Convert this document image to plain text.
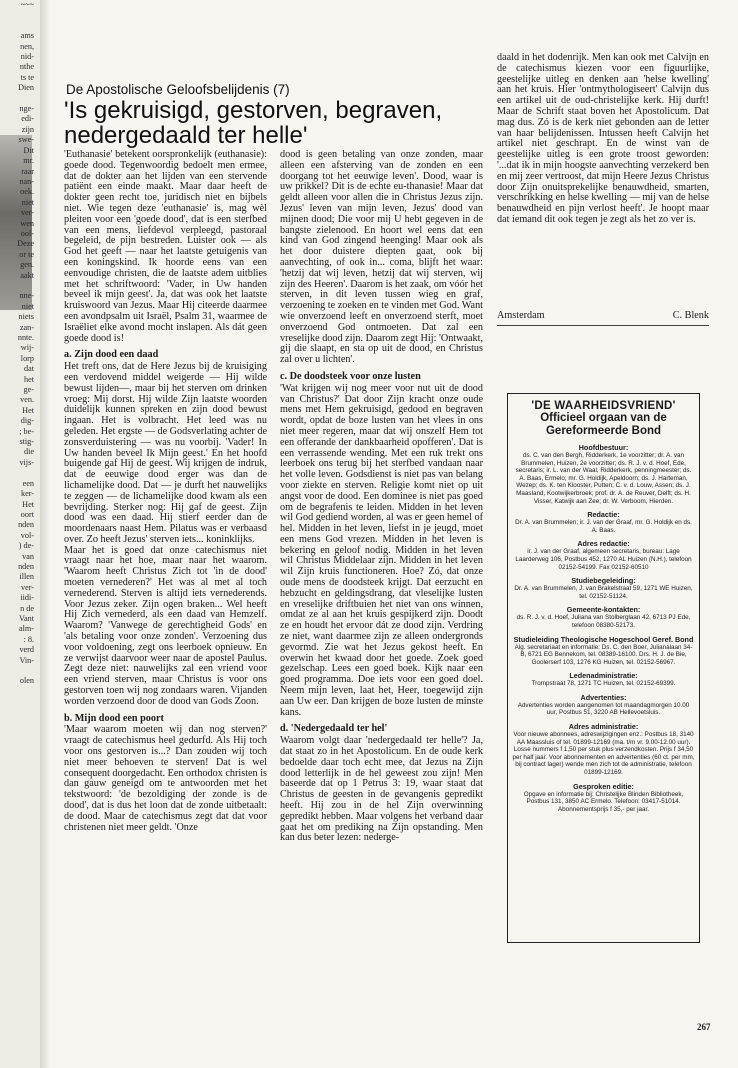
~~~

ams
nen,
nid-
nthe
ts te
Dien

nge-
edi-
zijn
swe-
Dit
mr.
raar
nan-
oek.
niet
ver-
wen
ool-
Deze
or te
gen.
aakt

nne-
niet
niets
zan-
nnte.
wij-
lorp
dat
het
ge-
ven.
Het
dig-
; be-
stig-
die
vijs-

een
ker-
Het
oort
nden
vol-
) de-
van
nden
illen
ver-
iidi-
n de
Vant
alm-
: 8.
verd
Vin-

olen
De Apostolische Geloofsbelijdenis (7)
'Is gekruisigd, gestorven, begraven, nedergedaald ter helle'

'Euthanasie' betekent oorspronkelijk (euthanasie): goede dood. Tegenwoordig bedoelt men ermee, dat de dokter aan het lijden van een stervende patiënt een einde maakt. Maar daar heeft de dokter geen recht toe, juridisch niet en bijbels niet. Wie tegen deze 'euthanasie' is, mag wèl pleiten voor een 'goede dood', dat is een sterfbed van een mens, liefdevol verpleegd, pastoraal begeleid, de pijn bestreden. Luister ook — als God het geeft — naar het laatste getuigenis van een koningskind. Ik hoorde eens van een eenvoudige christen, die de laatste adem uitblies met het schriftwoord: 'Vader, in Uw handen beveel ik mijn geest'. Ja, dat was ook het laatste kruiswoord van Jezus. Maar Hij citeerde daarmee een avondpsalm uit Israël, Psalm 31, waarmee de Israëliet elke avond mocht inslapen. Als dát geen goede dood is!

a. Zijn dood een daad

Het treft ons, dat de Here Jezus bij de kruisiging een verdovend middel weigerde — Hij wilde bewust lijden—, maar bij het sterven om drinken vroeg: Mij dorst. Hij wilde Zijn laatste woorden duidelijk kunnen spreken en zijn dood bewust ingaan. Het is volbracht. Het leed was nu geleden. Het ergste — de Godsverlating achter de zonsverduistering — was nu voorbij. 'Vader! In Uw handen beveel Ik Mijn geest.' En het hoofd buigende gaf Hij de geest. Wij krijgen de indruk, dat de eeuwige dood erger was dan de lichamelijke dood. Dat — je durft het nauwelijks te zeggen — de lichamelijke dood kwam als een bevrijding. Sterker nog: Hij gaf de geest. Zijn dood was een daad. Hij stierf eerder dan de moordenaars naast Hem. Pilatus was er verbaasd over. Zo heeft Jezus' sterven iets... koninklijks.

Maar het is goed dat onze catechismus niet vraagt naar het hoe, maar naar het waarom. 'Waarom heeft Christus Zich tot 'in de dood' moeten vernederen?' Het was al met al toch vernederend. Sterven is altijd iets vernederends. Voor Jezus zeker. Zijn ogen braken... Wel heeft Hij Zich vernederd, als een daad van Hemzelf. Waarom? 'Vanwege de gerechtigheid Gods' en 'als betaling voor onze zonden'. Verzoening dus voor voldoening, zegt ons leerboek opnieuw. En ze verwijst daarvoor weer naar de apostel Paulus. Zegt deze niet: nauwelijks zal een vriend voor een vriend sterven, maar Christus is voor ons gestorven toen wij nog zondaars waren. Vijanden worden verzoend door de dood van Gods Zoon.

b. Mijn dood een poort

'Maar waarom moeten wij dan nog sterven?' vraagt de catechismus heel gedurfd. Als Hij toch voor ons gestorven is...? Dan zouden wij toch niet meer behoeven te sterven! Dat is wel consequent doorgedacht. Een orthodox christen is dan gauw geneigd om te antwoorden met het tekstwoord: 'de bezoldiging der zonde is de dood', dat is dus het loon dat de zonde uitbetaalt: de dood. Maar de catechismus zegt dat dat voor christenen niet meer geldt. 'Onze

dood is geen betaling van onze zonden, maar alleen een afsterving van de zonden en een doorgang tot het eeuwige leven'. Dood, waar is uw prikkel? Dit is de echte eu-thanasie! Maar dat geldt alleen voor allen die in Christus Jezus zijn. Jezus' leven van mijn leven, Jezus' dood van mijnen dood; Die voor mij U hebt gegeven in de bangste zielenood. En hoort wel eens dat een kind van God zingend heenging! Maar ook als het door duistere diepten gaat, ook bij aanvechting, of ook in... coma, blijft het waar: 'hetzij dat wij leven, hetzij dat wij sterven, wij zijn des Heeren'. Daarom is het zaak, om vóór het sterven, in dit leven tussen wieg en graf, verzoening te zoeken en te vinden met God. Want wie onverzoend leeft en onverzoend sterft, moet onverzoend God ontmoeten. Dat zal een vreselijke dood zijn. Daarom zegt Hij: 'Ontwaakt, gij die slaapt, en sta op uit de dood, en Christus zal over u lichten'.

c. De doodsteek voor onze lusten

'Wat krijgen wij nog meer voor nut uit de dood van Christus?' Dat door Zijn kracht onze oude mens met Hem gekruisigd, gedood en begraven wordt, opdat de boze lusten van het vlees in ons niet meer regeren, maar dat wij onszelf Hem tot een offerande der dankbaarheid opofferen'. Dat is een verrassende wending. Met een ruk trekt ons leerboek ons terug bij het sterfbed vandaan naar het volle leven. Godsdienst is niet pas van belang voor ziekte en sterven. Religie komt niet op uit angst voor de dood. Een dominee is niet pas goed om de begrafenis te leiden. Midden in het leven wil God gediend worden, al was er geen hemel of hel. Midden in het leven, liefst in je jeugd, moet een mens God vrezen. Midden in het leven is bekering en geloof nodig. Midden in het leven wil Christus Middelaar zijn. Midden in het leven wil Zijn kruis functioneren. Hoe? Zó, dat onze oude mens de doodsteek krijgt. Dat eerzucht en hebzucht en geldingsdrang, dat vleselijke lusten en vreselijke driftbuien het niet van ons winnen, omdat ze al aan het kruis gespijkerd zijn. Doodt ze en houdt het ervoor dát ze dood zijn. Verdring ze niet, want daarmee zijn ze alleen ondergronds gevormd. Zie wat het Jezus gekost heeft. En overwin het kwaad door het goede. Zoek goed gezelschap. Lees een goed boek. Kijk naar een goed programma. Doe iets voor een goed doel. Neem mijn leven, laat het, Heer, toegewijd zijn aan Uw eer. Dan krijgen de boze lusten de minste kans.

d. 'Nedergedaald ter hel'

Waarom volgt daar 'nedergedaald ter helle'? Ja, dat staat zo in het Apostolicum. En de oude kerk bedoelde daar toch echt mee, dat Jezus na Zijn dood letterlijk in de hel geweest zou zijn! Men baseerde dat op 1 Petrus 3: 19, waar staat dat Christus de geesten in de gevangenis gepredikt heeft. Hij zou in de hel Zijn overwinning gepredikt hebben. Maar volgens het verband daar gaat het om prediking na Zijn opstanding. Men kan dus beter lezen: nederge-

daald in het dodenrijk. Men kan ook met Calvijn en de catechismus kiezen voor een figuurlijke, geestelijke uitleg en denken aan 'helse kwelling' aan het kruis. Hier 'ontmythologiseert' Calvijn dus een artikel uit de oud-christelijke kerk. Hij durft! Maar de Schrift staat boven het Apostolicum. Dat mag dus. Zó is de kerk niet gebonden aan de letter van haar belijdenissen. Intussen heeft Calvijn het artikel niet geschrapt. En de winst van de geestelijke uitleg is een grote troost geworden: '...dat ik in mijn hoogste aanvechting verzekerd ben en mij zeer vertroost, dat mijn Heere Jezus Christus door Zijn onuitsprekelijke benauwdheid, smarten, verschrikking en helse kwelling — mij van de helse benauwdheid en pijn verlost heeft'. Je hoopt maar dat iemand dit ook tegen je zegt als het zo ver is.

Amsterdam	C. Blenk
'DE WAARHEIDSVRIEND'
Officieel orgaan van de Gereformeerde Bond
Hoofdbestuur:
ds. C. van den Bergh, Ridderkerk, 1e voorzitter; dr. A. van Brummelen, Huizen, 2e voorzitter; ds. R. J. v. d. Hoef, Ede, secretaris; ir. L. van der Waal, Ridderkerk, penningmeester; ds. A. Baas, Ermelo; mr. G. Holdijk, Apeldoorn; ds. J. Harteman, Wezep; ds. K. ten Klooster, Putten; C. v. d. Louw, Assen; ds. J. Maasland, Kootwijkerbroek; prof. dr. A. de Reuver, Delft; ds. H. Visser, Katwijk aan Zee; dr. W. Verboom, Hierden.
Redactie:
Dr. A. van Brummelen; ir. J. van der Graaf, mr. G. Holdijk en ds. A. Baas.
Adres redactie:
ir. J. van der Graaf, algemeen secretaris, bureau: Lage Laarderweg 106, Postbus 452, 1270 AL Huizen (N.H.), telefoon 02152-54199. Fax 02152-60510
Studiebegeleiding:
Dr. A. van Brummelen, J. van Brakelstraat 59, 1271 WE Huizen, tel. 02152-51124.
Gemeente-kontakten:
ds. R. J. v. d. Hoef, Juliana van Stolberglaan 42, 6713 PJ Ede, telefoon 08380-52173.
Studieleiding Theologische Hogeschool Geref. Bond
Alg. secretariaat en informatie: Ds. C. den Boer, Julianalaan 34-B, 6721 EG Bennekom, tel. 08389-16100. Drs. H. J. de Bie, Goolerserf 103, 1276 KG Huizen, tel. 02152-56967.
Ledenadministratie:
Trompstraat 78, 1271 TC Huizen, tel. 02152-69399.
Advertenties:
Advertenties worden aangenomen tot maandagmorgen 10.00 uur, Postbus 51, 3220 AB Hellevoetsluis.
Adres administratie:
Voor nieuwe abonnees, adreswijzigingen enz.: Postbus 18, 3140 AA Maassluis of tel. 01899-12169 (ma. t/m vr. 9.00-12.00 uur). Losse nummers f 1,50 per stuk plus verzendkosten. Prijs f 34,50 per half jaar. Voor abonnementen en advertenties (60 ct. per mm, bij contract lager) wende men zich tot de administratie, telefoon 01899-12169.
Gesproken editie:
Opgave en informatie bij: Christelijke Blinden Bibliotheek, Postbus 131, 3850 AC Ermelo. Telefoon: 03417-51014. Abonnementsprijs f 35,- per jaar.
267
